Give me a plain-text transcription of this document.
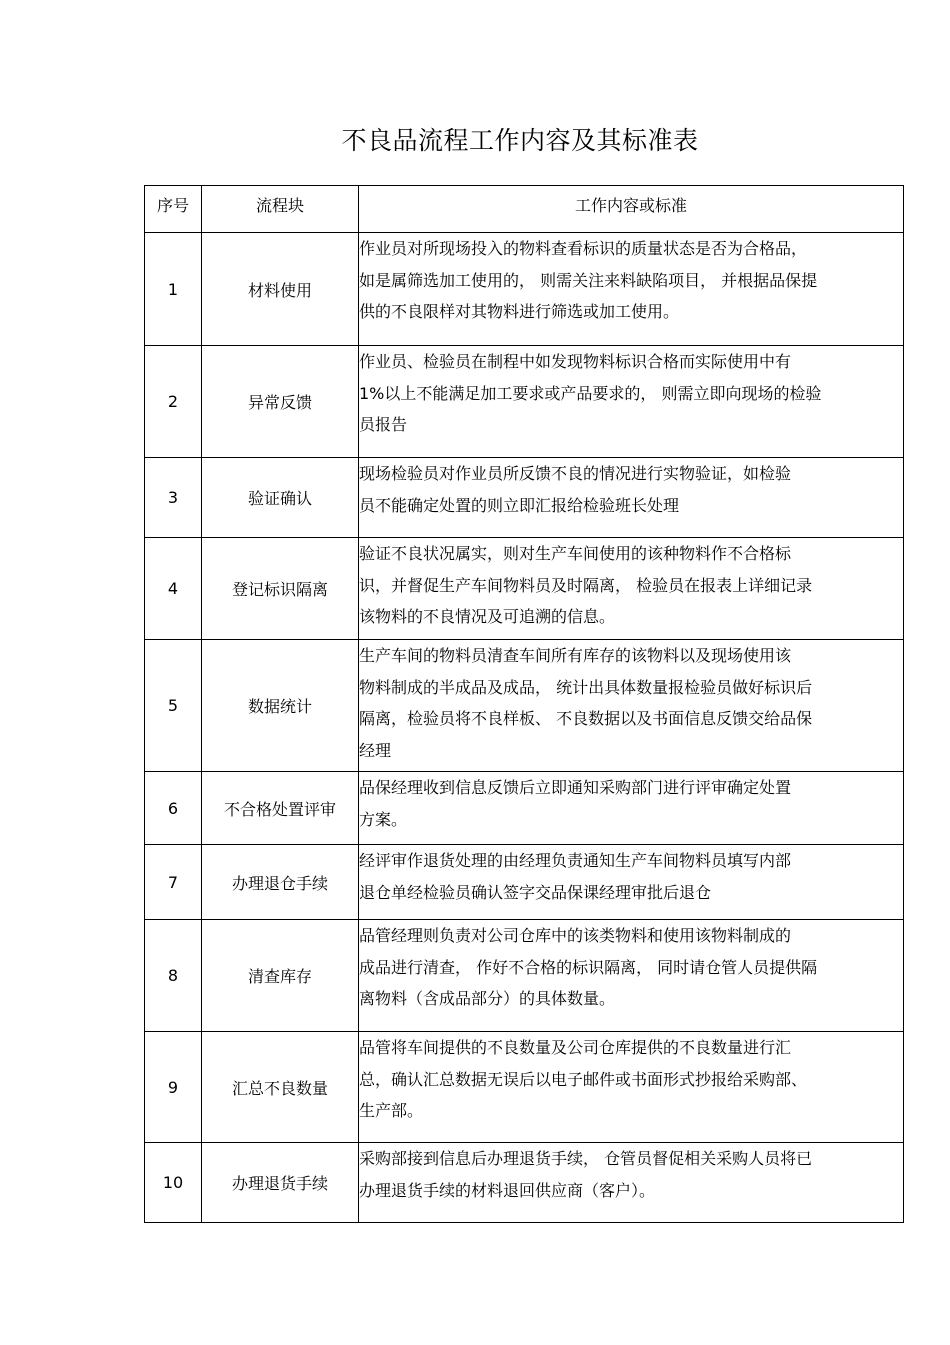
不良品流程工作内容及其标准表
序号	流程块	工作内容或标准
1	材料使用	作业员对所现场投入的物料查看标识的质量状态是否为合格品，
如是属筛选加工使用的， 则需关注来料缺陷项目， 并根据品保提
供的不良限样对其物料进行筛选或加工使用。
2	异常反馈	作业员、检验员在制程中如发现物料标识合格而实际使用中有
1%以上不能满足加工要求或产品要求的， 则需立即向现场的检验
员报告
3	验证确认	现场检验员对作业员所反馈不良的情况进行实物验证，如检验
员不能确定处置的则立即汇报给检验班长处理
4	登记标识隔离	验证不良状况属实，则对生产车间使用的该种物料作不合格标
识，并督促生产车间物料员及时隔离， 检验员在报表上详细记录
该物料的不良情况及可追溯的信息。
5	数据统计	生产车间的物料员清查车间所有库存的该物料以及现场使用该
物料制成的半成品及成品， 统计出具体数量报检验员做好标识后
隔离，检验员将不良样板、 不良数据以及书面信息反馈交给品保
经理
6	不合格处置评审	品保经理收到信息反馈后立即通知采购部门进行评审确定处置
方案。
7	办理退仓手续	经评审作退货处理的由经理负责通知生产车间物料员填写内部
退仓单经检验员确认签字交品保课经理审批后退仓
8	清查库存	品管经理则负责对公司仓库中的该类物料和使用该物料制成的
成品进行清查， 作好不合格的标识隔离， 同时请仓管人员提供隔
离物料（含成品部分）的具体数量。
9	汇总不良数量	品管将车间提供的不良数量及公司仓库提供的不良数量进行汇
总，确认汇总数据无误后以电子邮件或书面形式抄报给采购部、
生产部。
10	办理退货手续	采购部接到信息后办理退货手续， 仓管员督促相关采购人员将已
办理退货手续的材料退回供应商（客户）。
